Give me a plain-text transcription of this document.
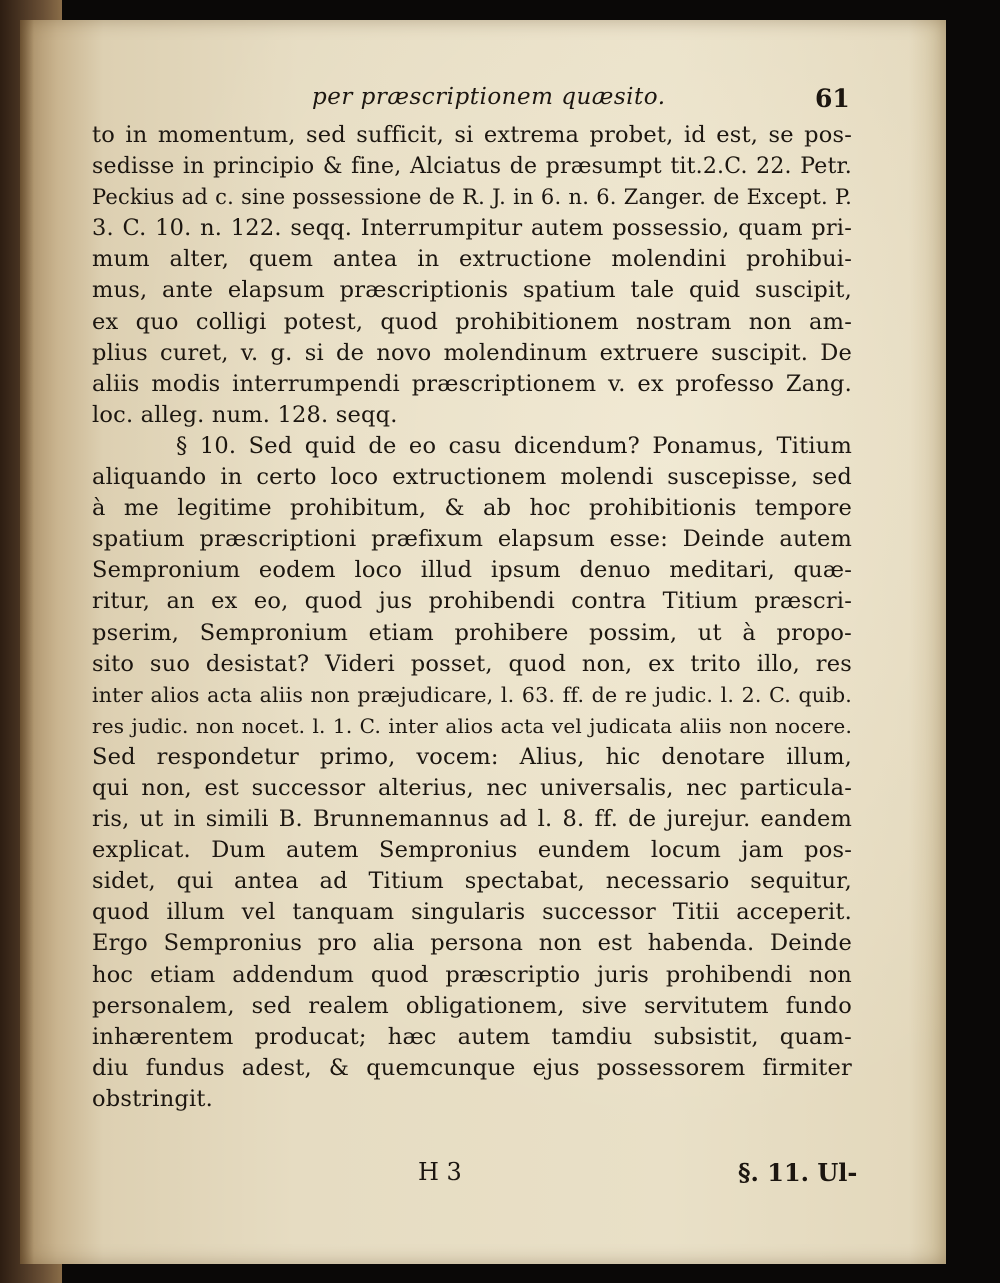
per præscriptionem quæsito.	61
to in momentum, sed sufficit, si extrema probet, id est, se pos-
sedisse in principio & fine, Alciatus de præsumpt tit.2.C. 22. Petr.
Peckius ad c. sine possessione de R. J. in 6. n. 6. Zanger. de Except. P.
3. C. 10. n. 122. seqq. Interrumpitur autem possessio, quam pri-
mum alter, quem antea in extructione molendini prohibui-
mus, ante elapsum præscriptionis spatium tale quid suscipit,
ex quo colligi potest, quod prohibitionem nostram non am-
plius curet, v. g. si de novo molendinum extruere suscipit. De
aliis modis interrumpendi præscriptionem v. ex professo Zang.
loc. alleg. num. 128. seqq.
§ 10. Sed quid de eo casu dicendum? Ponamus, Titium
aliquando in certo loco extructionem molendi suscepisse, sed
à me legitime prohibitum, & ab hoc prohibitionis tempore
spatium præscriptioni præfixum elapsum esse: Deinde autem
Sempronium eodem loco illud ipsum denuo meditari, quæ-
ritur, an ex eo, quod jus prohibendi contra Titium præscri-
pserim, Sempronium etiam prohibere possim, ut à propo-
sito suo desistat? Videri posset, quod non, ex trito illo, res
inter alios acta aliis non præjudicare, l. 63. ff. de re judic. l. 2. C. quib.
res judic. non nocet. l. 1. C. inter alios acta vel judicata aliis non nocere.
Sed respondetur primo, vocem: Alius, hic denotare illum,
qui non, est successor alterius, nec universalis, nec particula-
ris, ut in simili B. Brunnemannus ad l. 8. ff. de jurejur. eandem
explicat. Dum autem Sempronius eundem locum jam pos-
sidet, qui antea ad Titium spectabat, necessario sequitur,
quod illum vel tanquam singularis successor Titii acceperit.
Ergo Sempronius pro alia persona non est habenda. Deinde
hoc etiam addendum quod præscriptio juris prohibendi non
personalem, sed realem obligationem, sive servitutem fundo
inhærentem producat; hæc autem tamdiu subsistit, quam-
diu fundus adest, & quemcunque ejus possessorem firmiter
obstringit.
H 3	§. 11. Ul-
